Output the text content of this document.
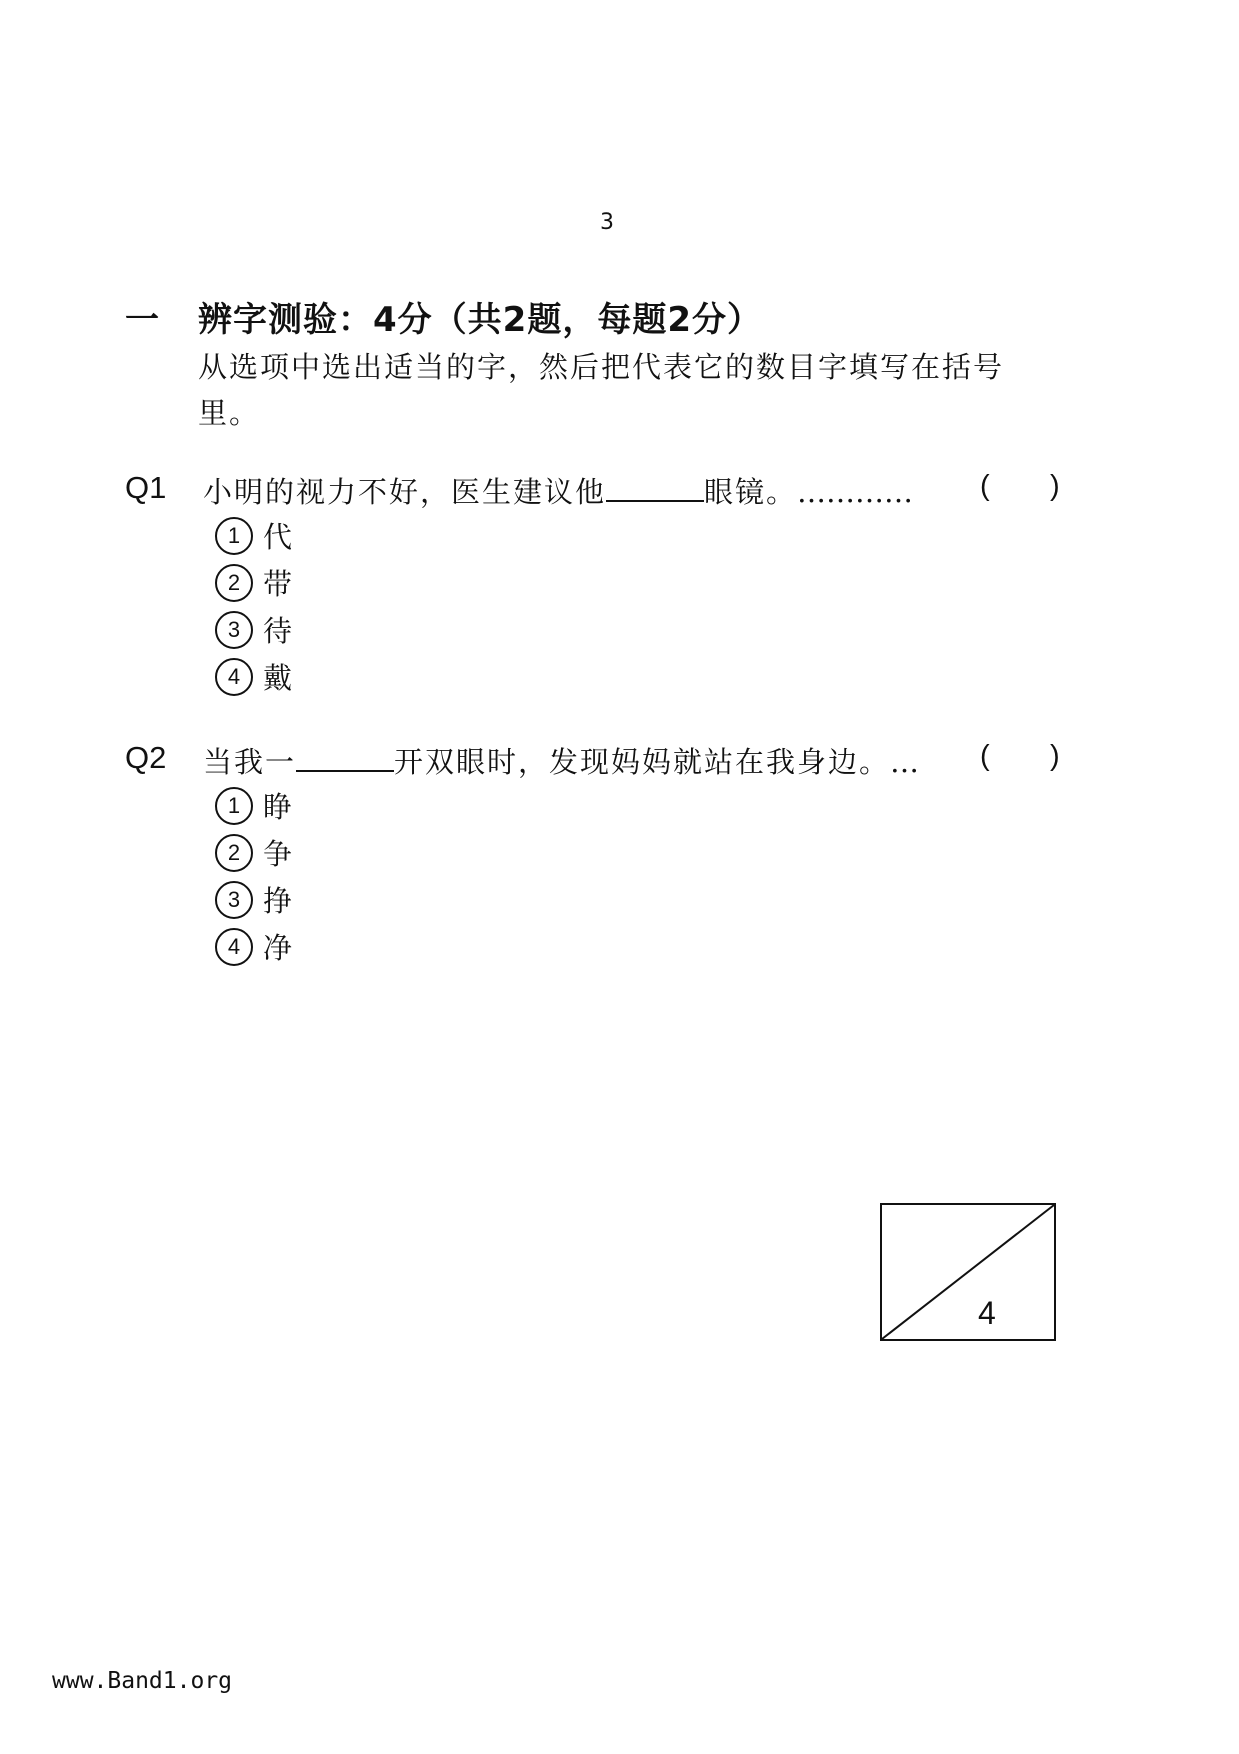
3
一 辨字测验：4分（共2题，每题2分）
从选项中选出适当的字，然后把代表它的数目字填写在括号里。
Q1 小明的视力不好，医生建议他	眼镜。………… ( )
1 代
2 带
3 待
4 戴
Q2 当我一	开双眼时，发现妈妈就站在我身边。… ( )
1 睁
2 争
3 挣
4 净
4
www.Band1.org
